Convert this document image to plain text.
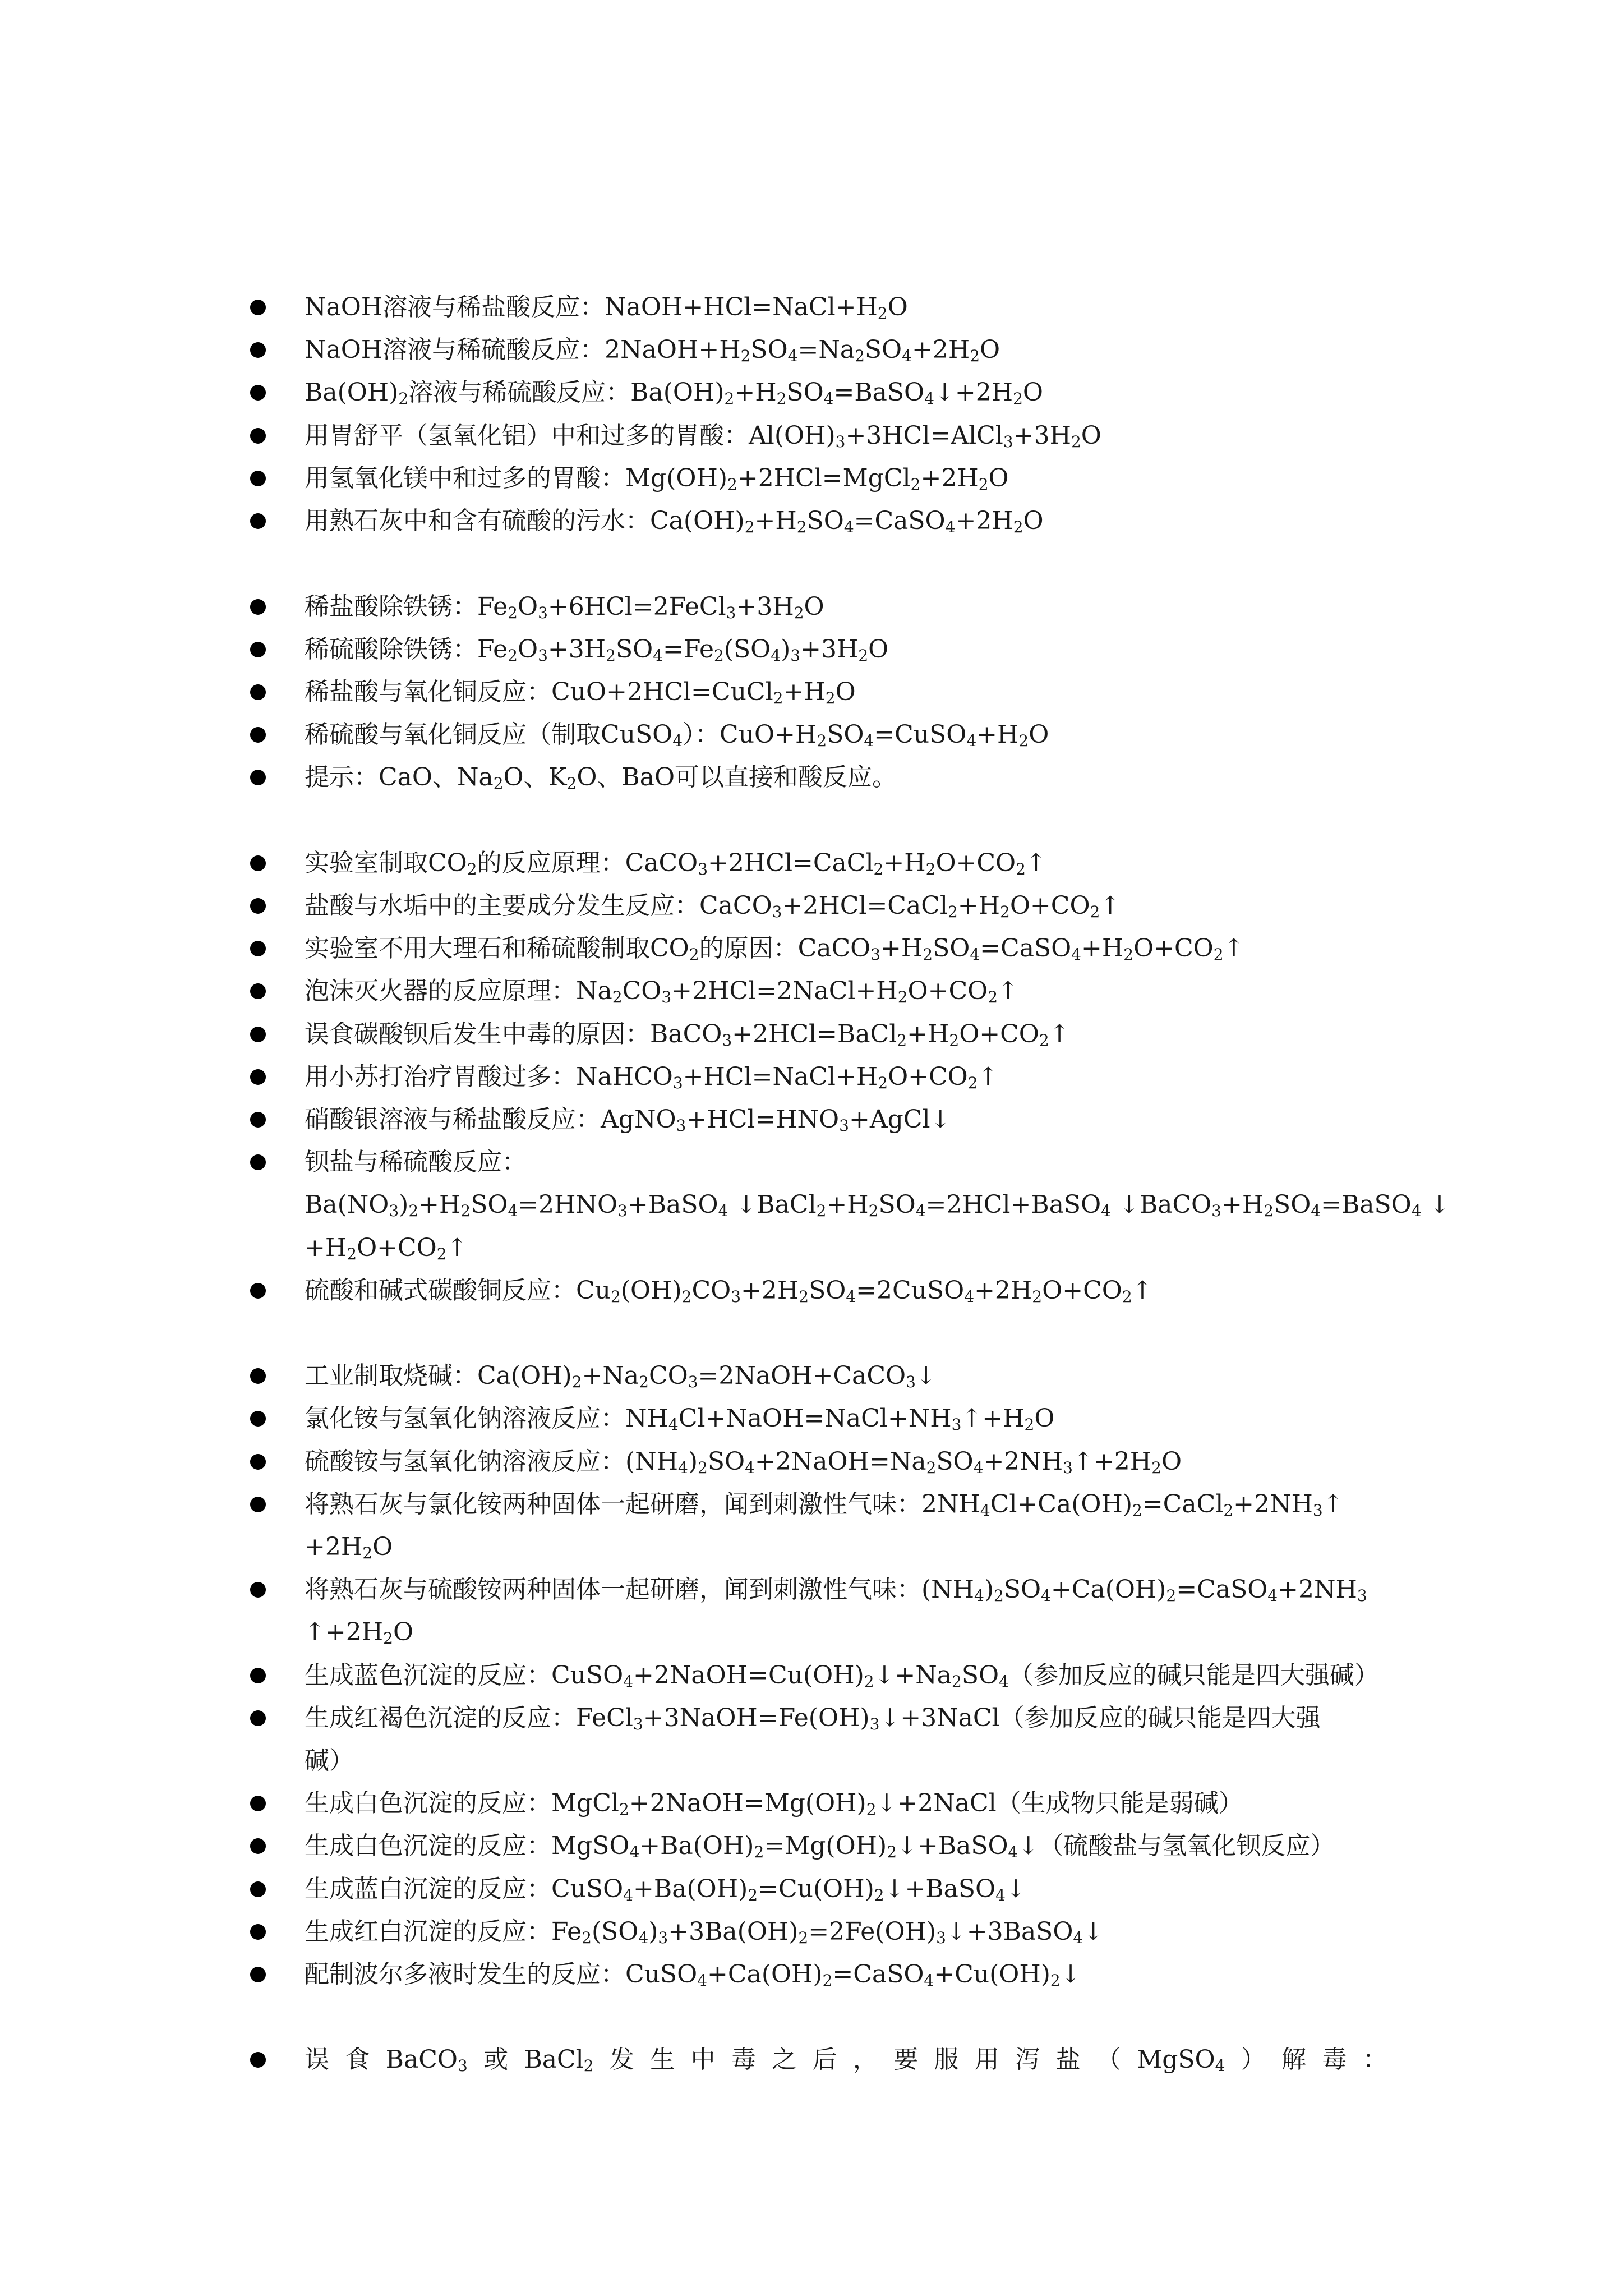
NaOH溶液与稀盐酸反应：$NaOH+HCl=NaCl+H_2O$
NaOH溶液与稀硫酸反应：$2NaOH+H_2SO_4=Na_2SO_4+2H_2O$
$Ba(OH)_2$溶液与稀硫酸反应：$Ba(OH)_2+H_2SO_4=BaSO_4↓+2H_2O$
用胃舒平（氢氧化铝）中和过多的胃酸：$Al(OH)_3+3HCl=AlCl_3+3H_2O$
用氢氧化镁中和过多的胃酸：$Mg(OH)_2+2HCl=MgCl_2+2H_2O$
用熟石灰中和含有硫酸的污水：$Ca(OH)_2+H_2SO_4=CaSO_4+2H_2O$
稀盐酸除铁锈：$Fe_2O_3+6HCl=2FeCl_3+3H_2O$
稀硫酸除铁锈：$Fe_2O_3+3H_2SO_4=Fe_2(SO_4)_3+3H_2O$
稀盐酸与氧化铜反应：$CuO+2HCl=CuCl_2+H_2O$
稀硫酸与氧化铜反应（制取CuSO$_4$）：$CuO+H_2SO_4=CuSO_4+H_2O$
提示：CaO、$Na_2O$、$K_2O$、BaO可以直接和酸反应。
实验室制取$CO_2$的反应原理：$CaCO_3+2HCl=CaCl_2+H_2O+CO_2↑$
盐酸与水垢中的主要成分发生反应：$CaCO_3+2HCl=CaCl_2+H_2O+CO_2↑$
实验室不用大理石和稀硫酸制取$CO_2$的原因：$CaCO_3+H_2SO_4=CaSO_4+H_2O+CO_2↑$
泡沫灭火器的反应原理：$Na_2CO_3+2HCl=2NaCl+H_2O+CO_2↑$
误食碳酸钡后发生中毒的原因：$BaCO_3+2HCl=BaCl_2+H_2O+CO_2↑$
用小苏打治疗胃酸过多：$NaHCO_3+HCl=NaCl+H_2O+CO_2↑$
硝酸银溶液与稀盐酸反应：$AgNO_3+HCl=HNO_3+AgCl↓$
钡盐与稀硫酸反应：
$Ba(NO_3)_2+H_2SO_4=2HNO_3+BaSO_4$ ↓ $BaCl_2+H_2SO_4=2HCl+BaSO_4$ ↓ $BaCO_3+H_2SO_4=BaSO_4$ ↓
$+H_2O+CO_2↑$
硫酸和碱式碳酸铜反应：$Cu_2(OH)_2CO_3+2H_2SO_4=2CuSO_4+2H_2O+CO_2↑$
工业制取烧碱：$Ca(OH)_2+Na_2CO_3=2NaOH+CaCO_3↓$
氯化铵与氢氧化钠溶液反应：$NH_4Cl+NaOH=NaCl+NH_3↑+H_2O$
硫酸铵与氢氧化钠溶液反应：$(NH_4)_2SO_4+2NaOH=Na_2SO_4+2NH_3↑+2H_2O$
将熟石灰与氯化铵两种固体一起研磨，闻到刺激性气味：$2NH_4Cl+Ca(OH)_2=CaCl_2+2NH_3↑$
$+2H_2O$
将熟石灰与硫酸铵两种固体一起研磨，闻到刺激性气味：$(NH_4)_2SO_4+Ca(OH)_2=CaSO_4+2NH_3$
$↑+2H_2O$
生成蓝色沉淀的反应：$CuSO_4+2NaOH=Cu(OH)_2↓+Na_2SO_4$（参加反应的碱只能是四大强碱）
生成红褐色沉淀的反应：$FeCl_3+3NaOH=Fe(OH)_3↓+3NaCl$（参加反应的碱只能是四大强
碱）
生成白色沉淀的反应：$MgCl_2+2NaOH=Mg(OH)_2↓+2NaCl$（生成物只能是弱碱）
生成白色沉淀的反应：$MgSO_4+Ba(OH)_2=Mg(OH)_2↓+BaSO_4↓$（硫酸盐与氢氧化钡反应）
生成蓝白沉淀的反应：$CuSO_4+Ba(OH)_2=Cu(OH)_2↓+BaSO_4↓$
生成红白沉淀的反应：$Fe_2(SO_4)_3+3Ba(OH)_2=2Fe(OH)_3↓+3BaSO_4↓$
配制波尔多液时发生的反应：$CuSO_4+Ca(OH)_2=CaSO_4+Cu(OH)_2↓$
误 食 BaCO$_3$ 或 BaCl$_2$ 发 生 中 毒 之 后 ， 要 服 用 泻 盐 （ MgSO$_4$ ） 解 毒 ：
